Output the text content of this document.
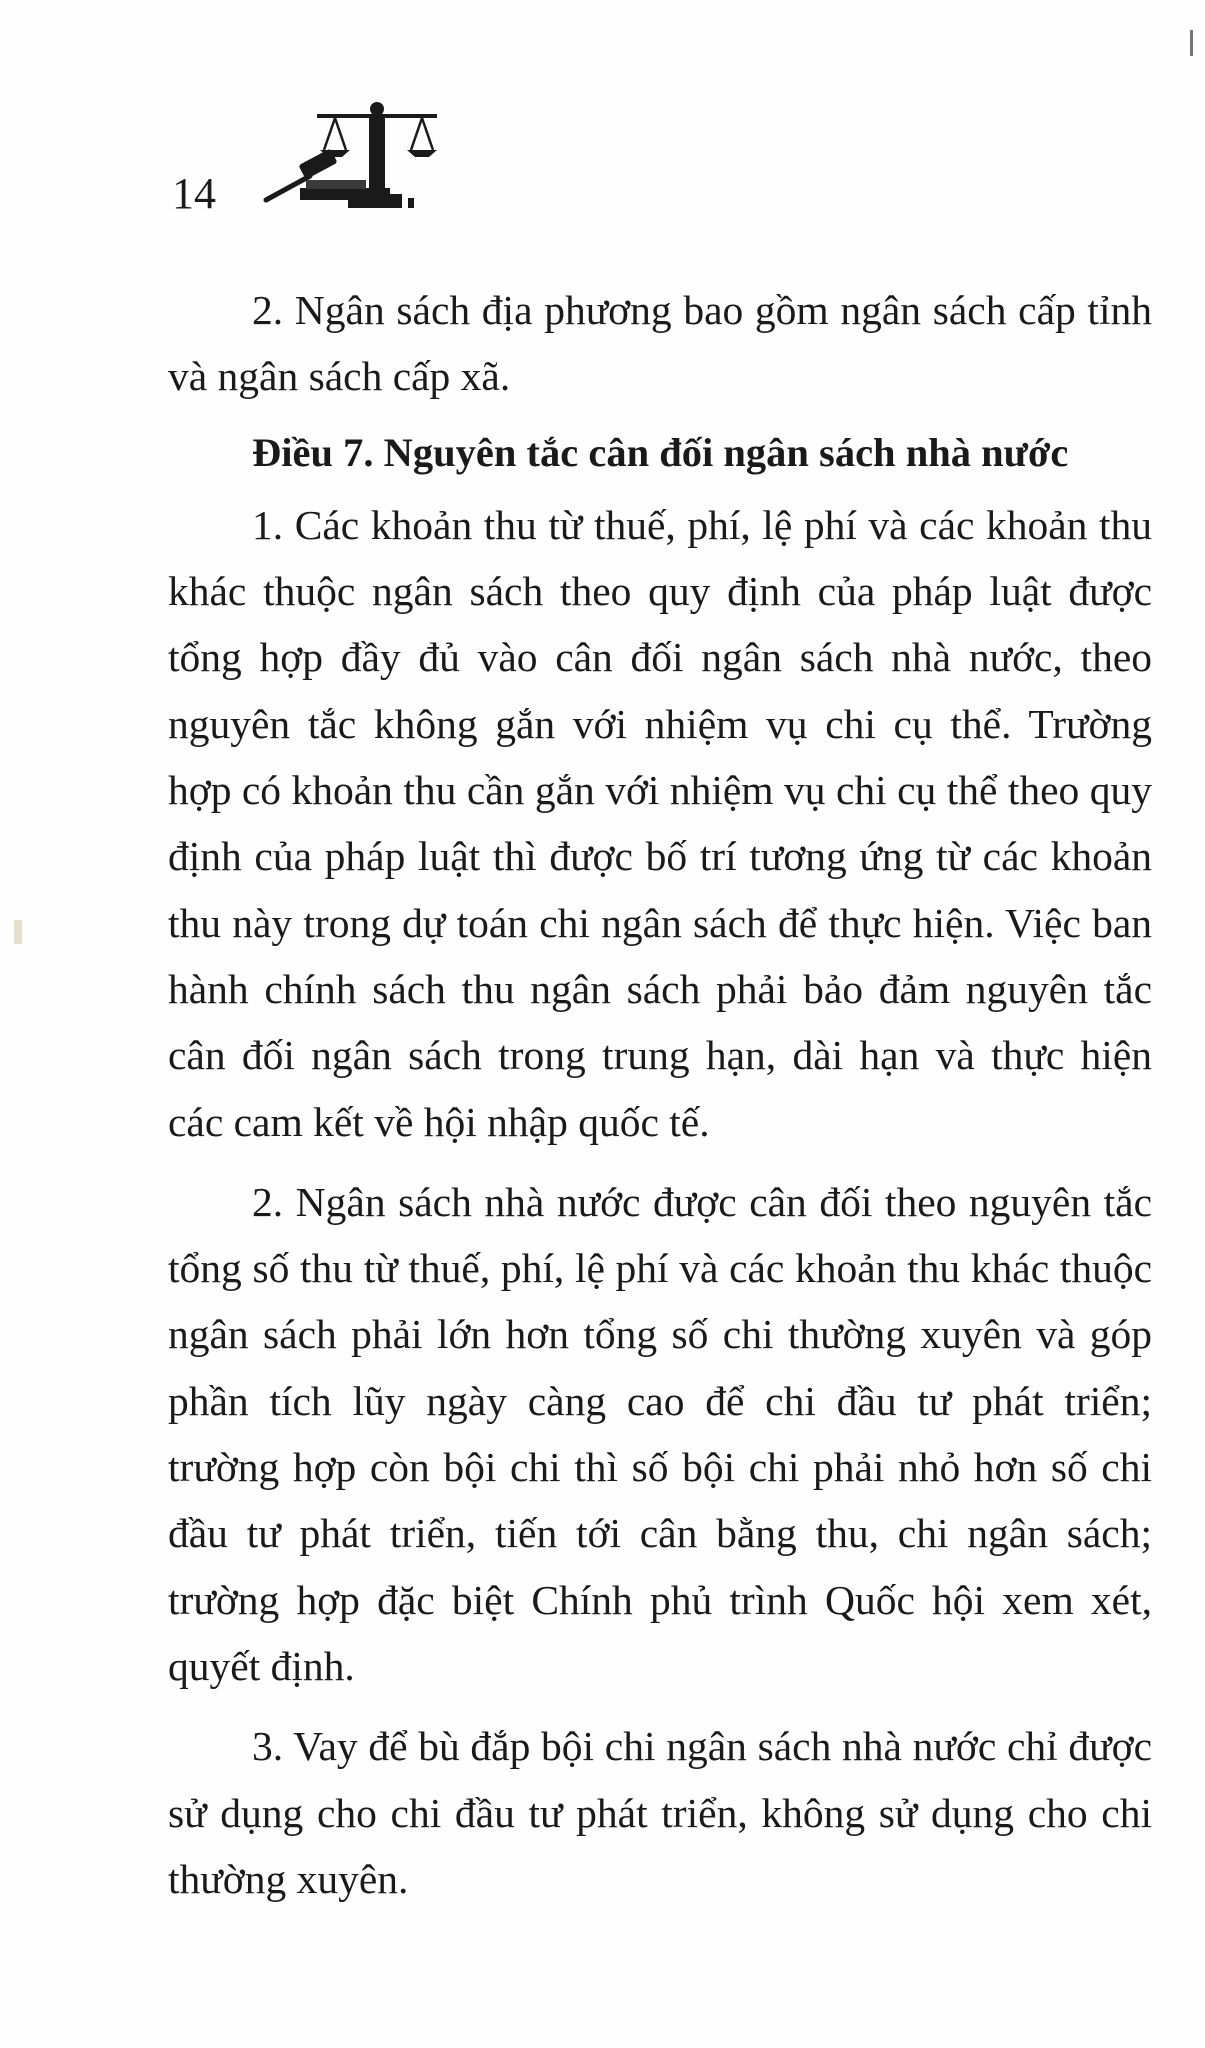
14

2. Ngân sách địa phương bao gồm ngân sách cấp tỉnh và ngân sách cấp xã.

Điều 7. Nguyên tắc cân đối ngân sách nhà nước

1. Các khoản thu từ thuế, phí, lệ phí và các khoản thu khác thuộc ngân sách theo quy định của pháp luật được tổng hợp đầy đủ vào cân đối ngân sách nhà nước, theo nguyên tắc không gắn với nhiệm vụ chi cụ thể. Trường hợp có khoản thu cần gắn với nhiệm vụ chi cụ thể theo quy định của pháp luật thì được bố trí tương ứng từ các khoản thu này trong dự toán chi ngân sách để thực hiện. Việc ban hành chính sách thu ngân sách phải bảo đảm nguyên tắc cân đối ngân sách trong trung hạn, dài hạn và thực hiện các cam kết về hội nhập quốc tế.

2. Ngân sách nhà nước được cân đối theo nguyên tắc tổng số thu từ thuế, phí, lệ phí và các khoản thu khác thuộc ngân sách phải lớn hơn tổng số chi thường xuyên và góp phần tích lũy ngày càng cao để chi đầu tư phát triển; trường hợp còn bội chi thì số bội chi phải nhỏ hơn số chi đầu tư phát triển, tiến tới cân bằng thu, chi ngân sách; trường hợp đặc biệt Chính phủ trình Quốc hội xem xét, quyết định.

3. Vay để bù đắp bội chi ngân sách nhà nước chỉ được sử dụng cho chi đầu tư phát triển, không sử dụng cho chi thường xuyên.
